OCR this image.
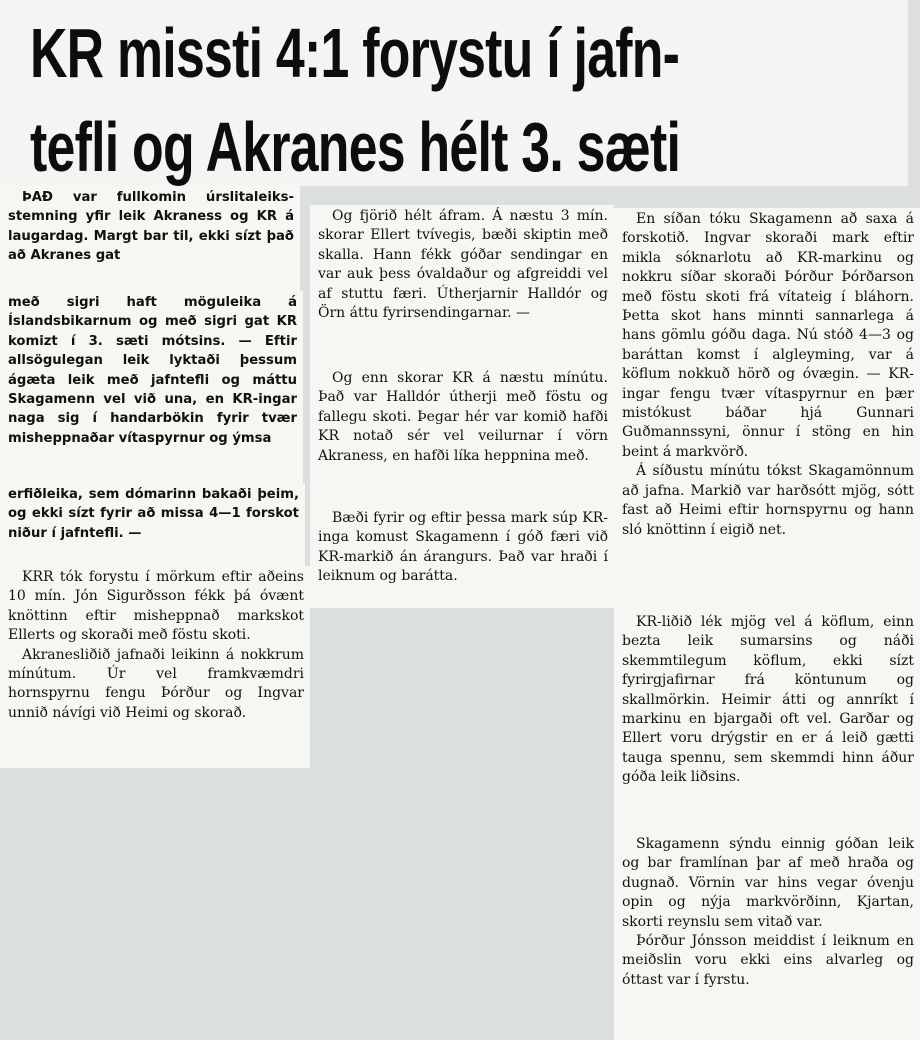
KR missti 4:1 forystu í jafn-
tefli og Akranes hélt 3. sæti

ÞAÐ var fullkomin úrslitaleiks-stemning yfir leik Akraness og KR á laugardag. Margt bar til, ekki sízt það að Akranes gat

með sigri haft möguleika á Íslandsbikarnum og með sigri gat KR komizt í 3. sæti mótsins. — Eftir allsögulegan leik lyktaði þessum ágæta leik með jafntefli og máttu Skagamenn vel við una, en KR-ingar naga sig í handarbökin fyrir tvær misheppnaðar vítaspyrnur og ýmsa

erfiðleika, sem dómarinn bakaði þeim, og ekki sízt fyrir að missa 4—1 forskot niður í jafntefli. —

KRR tók forystu í mörkum eftir aðeins 10 mín. Jón Sigurðsson fékk þá óvænt knöttinn eftir misheppnað markskot Ellerts og skoraði með föstu skoti.

Akranesliðið jafnaði leikinn á nokkrum mínútum. Úr vel framkvæmdri hornspyrnu fengu Þórður og Ingvar unnið návígi við Heimi og skorað.

Og fjörið hélt áfram. Á næstu 3 mín. skorar Ellert tvívegis, bæði skiptin með skalla. Hann fékk góðar sendingar en var auk þess óvaldaður og afgreiddi vel af stuttu færi. Útherjarnir Halldór og Örn áttu fyrirsendingarnar. —

Og enn skorar KR á næstu mínútu. Það var Halldór útherji með föstu og fallegu skoti. Þegar hér var komið hafði KR notað sér vel veilurnar í vörn Akraness, en hafði líka heppnina með.

Bæði fyrir og eftir þessa mark súp KR-inga komust Skagamenn í góð færi við KR-markið án árangurs. Það var hraði í leiknum og barátta.

En síðan tóku Skagamenn að saxa á forskotið. Ingvar skoraði mark eftir mikla sóknarlotu að KR-markinu og nokkru síðar skoraði Þórður Þórðarson með föstu skoti frá vítateig í bláhorn. Þetta skot hans minnti sannarlega á hans gömlu góðu daga. Nú stóð 4—3 og baráttan komst í algleyming, var á köflum nokkuð hörð og óvægin. — KR-ingar fengu tvær vítaspyrnur en þær mistókust báðar hjá Gunnari Guðmannssyni, önnur í stöng en hin beint á markvörð.

Á síðustu mínútu tókst Skagamönnum að jafna. Markið var harðsótt mjög, sótt fast að Heimi eftir hornspyrnu og hann sló knöttinn í eigið net.

KR-liðið lék mjög vel á köflum, einn bezta leik sumarsins og náði skemmtilegum köflum, ekki sízt fyrirgjafirnar frá köntunum og skallmörkin. Heimir átti og annríkt í markinu en bjargaði oft vel. Garðar og Ellert voru drýgstir en er á leið gætti tauga spennu, sem skemmdi hinn áður góða leik liðsins.

Skagamenn sýndu einnig góðan leik og bar framlínan þar af með hraða og dugnað. Vörnin var hins vegar óvenju opin og nýja markvörðinn, Kjartan, skorti reynslu sem vitað var.

Þórður Jónsson meiddist í leiknum en meiðslin voru ekki eins alvarleg og óttast var í fyrstu.
